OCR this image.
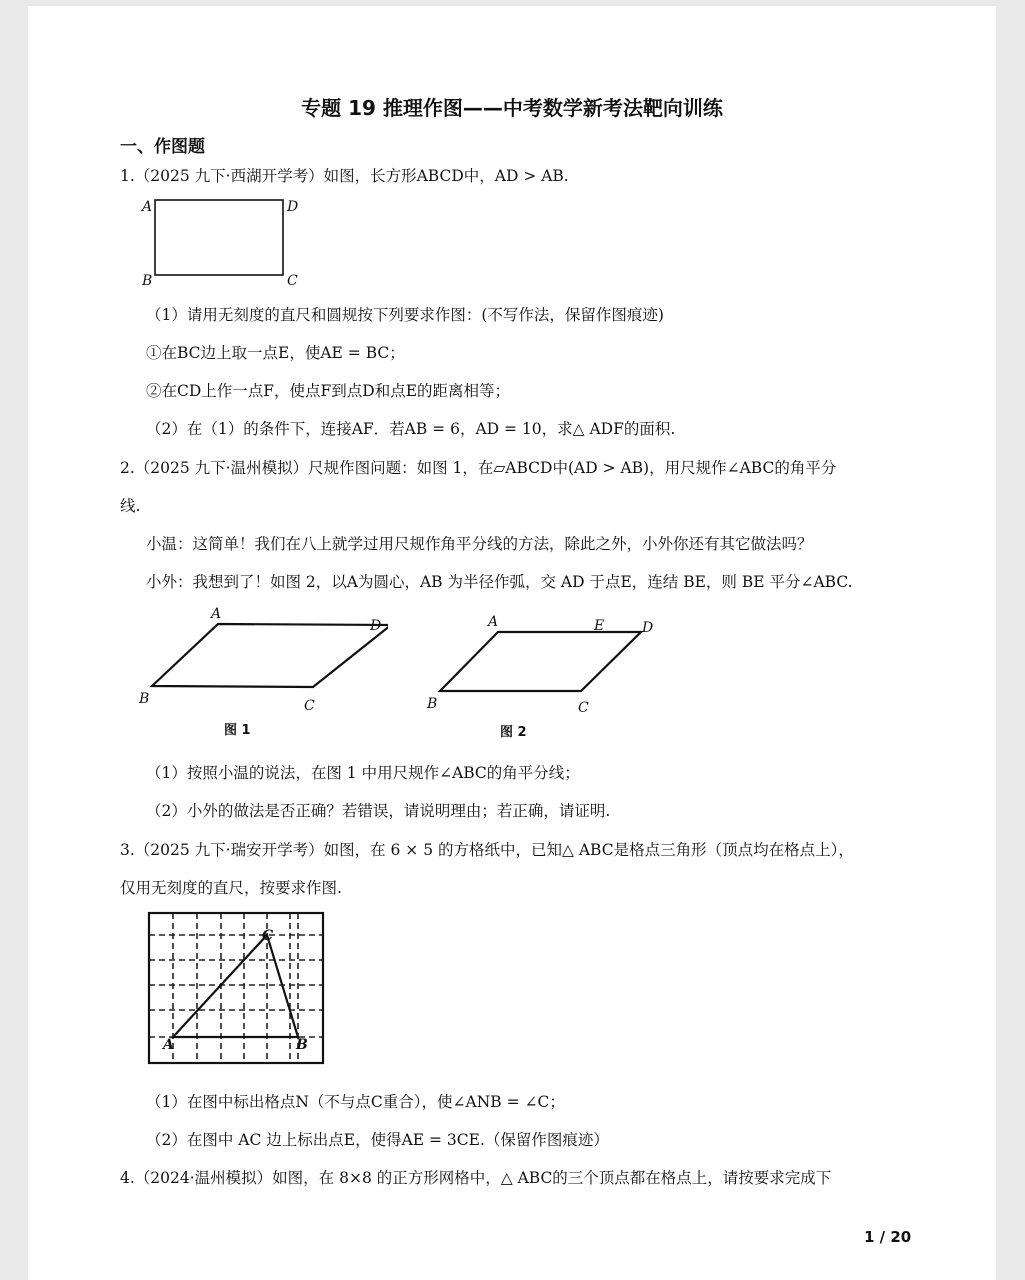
专题 19 推理作图——中考数学新考法靶向训练
一、作图题
1.（2025 九下·西湖开学考）如图，长方形ABCD中，AD > AB.
A	D
B	C
（1）请用无刻度的直尺和圆规按下列要求作图：(不写作法，保留作图痕迹)
①在BC边上取一点E，使AE = BC；
②在CD上作一点F，使点F到点D和点E的距离相等；
（2）在（1）的条件下，连接AF．若AB = 6，AD = 10，求△ ADF的面积.
2.（2025 九下·温州模拟）尺规作图问题：如图 1，在▱ABCD中(AD > AB)，用尺规作∠ABC的角平分
线.
小温：这简单！我们在八上就学过用尺规作角平分线的方法，除此之外，小外你还有其它做法吗？
小外：我想到了！如图 2，以A为圆心，AB 为半径作弧，交 AD 于点E，连结 BE，则 BE 平分∠ABC.
A
D
B	C
图 1
A	E	D
B	C
图 2
（1）按照小温的说法，在图 1 中用尺规作∠ABC的角平分线；
（2）小外的做法是否正确？若错误，请说明理由；若正确，请证明.
3.（2025 九下·瑞安开学考）如图，在 6 × 5 的方格纸中，已知△ ABC是格点三角形（顶点均在格点上），
仅用无刻度的直尺，按要求作图.
C
A	B
（1）在图中标出格点N（不与点C重合），使∠ANB = ∠C；
（2）在图中 AC 边上标出点E，使得AE = 3CE.（保留作图痕迹）
4.（2024·温州模拟）如图，在 8×8 的正方形网格中，△ ABC的三个顶点都在格点上，请按要求完成下
1 / 20
